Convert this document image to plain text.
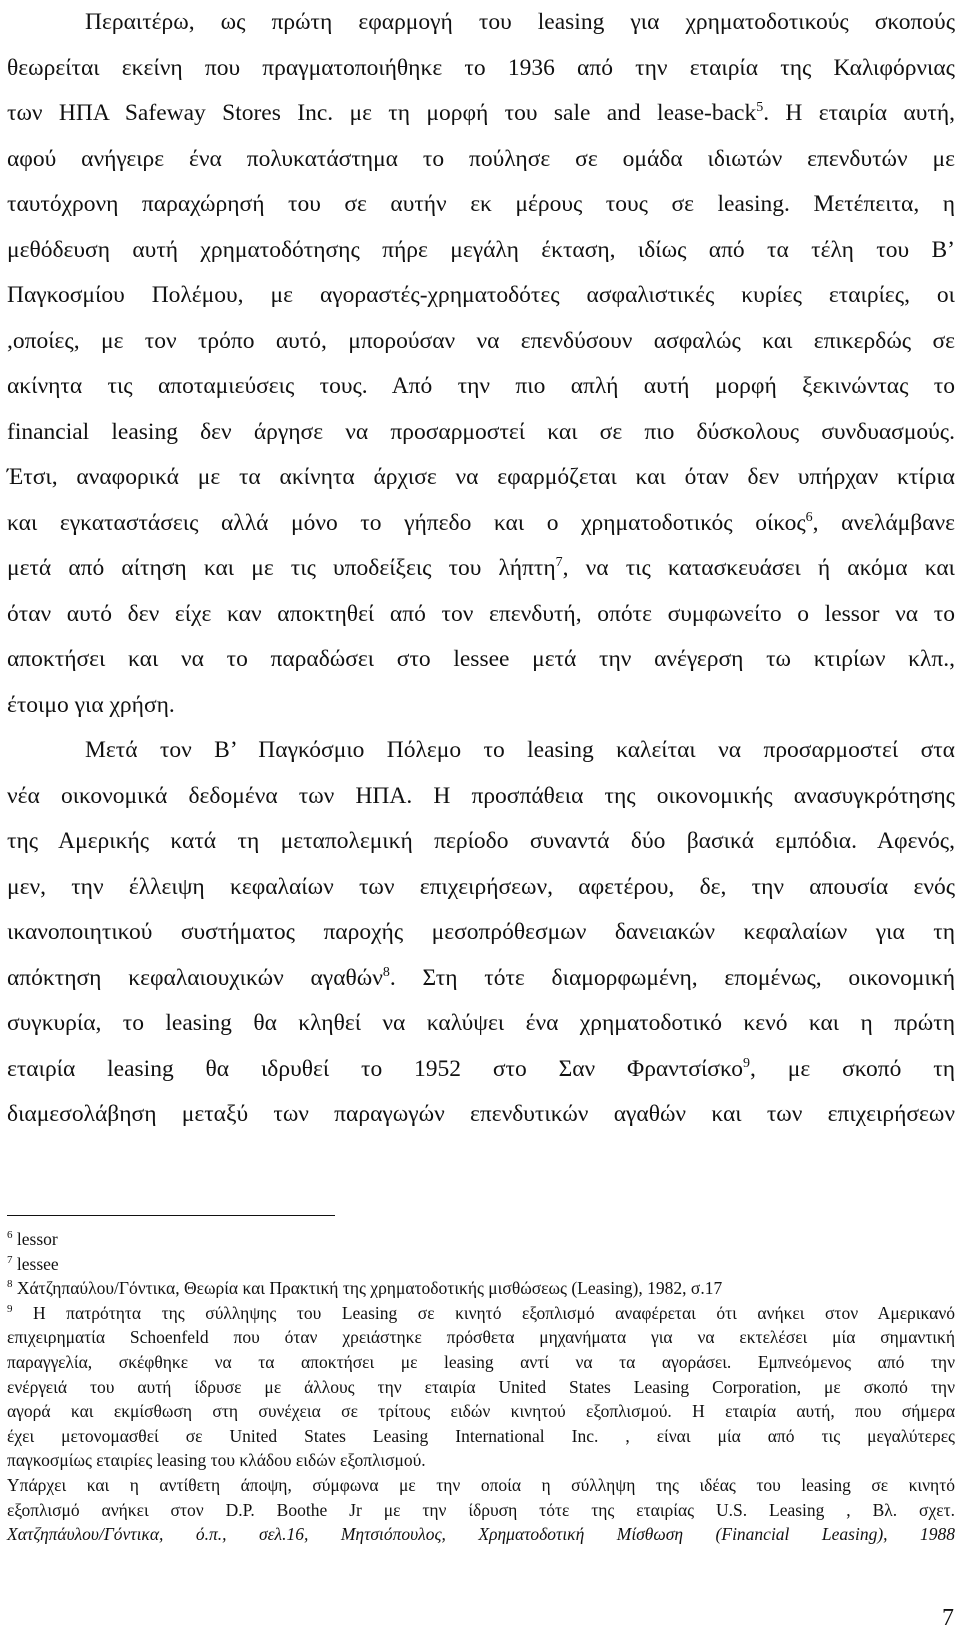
Περαιτέρω, ως πρώτη εφαρμογή του leasing για χρηματοδοτικούς σκοπούς
θεωρείται εκείνη που πραγματοποιήθηκε το 1936 από την εταιρία της Καλιφόρνιας
των ΗΠΑ Safeway Stores Inc. με τη μορφή του sale and lease-back$^5$. Η εταιρία αυτή,
αφού ανήγειρε ένα πολυκατάστημα το πούλησε σε ομάδα ιδιωτών επενδυτών με
ταυτόχρονη παραχώρησή του σε αυτήν εκ μέρους τους σε leasing. Μετέπειτα, η
μεθόδευση αυτή χρηματοδότησης πήρε μεγάλη έκταση, ιδίως από τα τέλη του Β’
Παγκοσμίου Πολέμου, με αγοραστές-χρηματοδότες ασφαλιστικές κυρίες εταιρίες, οι
,οποίες, με τον τρόπο αυτό, μπορούσαν να επενδύσουν ασφαλώς και επικερδώς σε
ακίνητα τις αποταμιεύσεις τους. Από την πιο απλή αυτή μορφή ξεκινώντας το
financial leasing δεν άργησε να προσαρμοστεί και σε πιο δύσκολους συνδυασμούς.
Έτσι, αναφορικά με τα ακίνητα άρχισε να εφαρμόζεται και όταν δεν υπήρχαν κτίρια
και εγκαταστάσεις αλλά μόνο το γήπεδο και ο χρηματοδοτικός οίκος$^6$, ανελάμβανε
μετά από αίτηση και με τις υποδείξεις του λήπτη$^7$, να τις κατασκευάσει ή ακόμα και
όταν αυτό δεν είχε καν αποκτηθεί από τον επενδυτή, οπότε συμφωνείτο ο lessor να το
αποκτήσει και να το παραδώσει στο lessee μετά την ανέγερση τω κτιρίων κλπ.,
έτοιμο για χρήση.
Μετά τον Β’ Παγκόσμιο Πόλεμο το leasing καλείται να προσαρμοστεί στα
νέα οικονομικά δεδομένα των ΗΠΑ. Η προσπάθεια της οικονομικής ανασυγκρότησης
της Αμερικής κατά τη μεταπολεμική περίοδο συναντά δύο βασικά εμπόδια. Αφενός,
μεν, την έλλειψη κεφαλαίων των επιχειρήσεων, αφετέρου, δε, την απουσία ενός
ικανοποιητικού συστήματος παροχής μεσοπρόθεσμων δανειακών κεφαλαίων για τη
απόκτηση κεφαλαιουχικών αγαθών$^8$. Στη τότε διαμορφωμένη, επομένως, οικονομική
συγκυρία, το leasing θα κληθεί να καλύψει ένα χρηματοδοτικό κενό και η πρώτη
εταιρία leasing θα ιδρυθεί το 1952 στο Σαν Φραντσίσκο$^9$, με σκοπό τη
διαμεσολάβηση μεταξύ των παραγωγών επενδυτικών αγαθών και των επιχειρήσεων
$^6$ lessor
$^7$ lessee
$^8$ Χάτζηπαύλου/Γόντικα, Θεωρία και Πρακτική της χρηματοδοτικής μισθώσεως (Leasing), 1982, σ.17
$^9$ Η πατρότητα της σύλληψης του Leasing σε κινητό εξοπλισμό αναφέρεται ότι ανήκει στον Αμερικανό
επιχειρηματία Schoenfeld που όταν χρειάστηκε πρόσθετα μηχανήματα για να εκτελέσει μία σημαντική
παραγγελία, σκέφθηκε να τα αποκτήσει με leasing αντί να τα αγοράσει. Εμπνεόμενος από την
ενέργειά του αυτή ίδρυσε με άλλους την εταιρία United States Leasing Corporation, με σκοπό την
αγορά και εκμίσθωση στη συνέχεια σε τρίτους ειδών κινητού εξοπλισμού. Η εταιρία αυτή, που σήμερα
έχει μετονομασθεί σε United States Leasing International Inc. , είναι μία από τις μεγαλύτερες
παγκοσμίως εταιρίες leasing του κλάδου ειδών εξοπλισμού.
Υπάρχει και η αντίθετη άποψη, σύμφωνα με την οποία η σύλληψη της ιδέας του leasing σε κινητό
εξοπλισμό ανήκει στον D.P. Boothe Jr με την ίδρυση τότε της εταιρίας U.S. Leasing , Βλ. σχετ.
Χατζηπάυλου/Γόντικα, ό.π., σελ.16, Μητσιόπουλος, Χρηματοδοτική Μίσθωση (Financial Leasing), 1988
7
